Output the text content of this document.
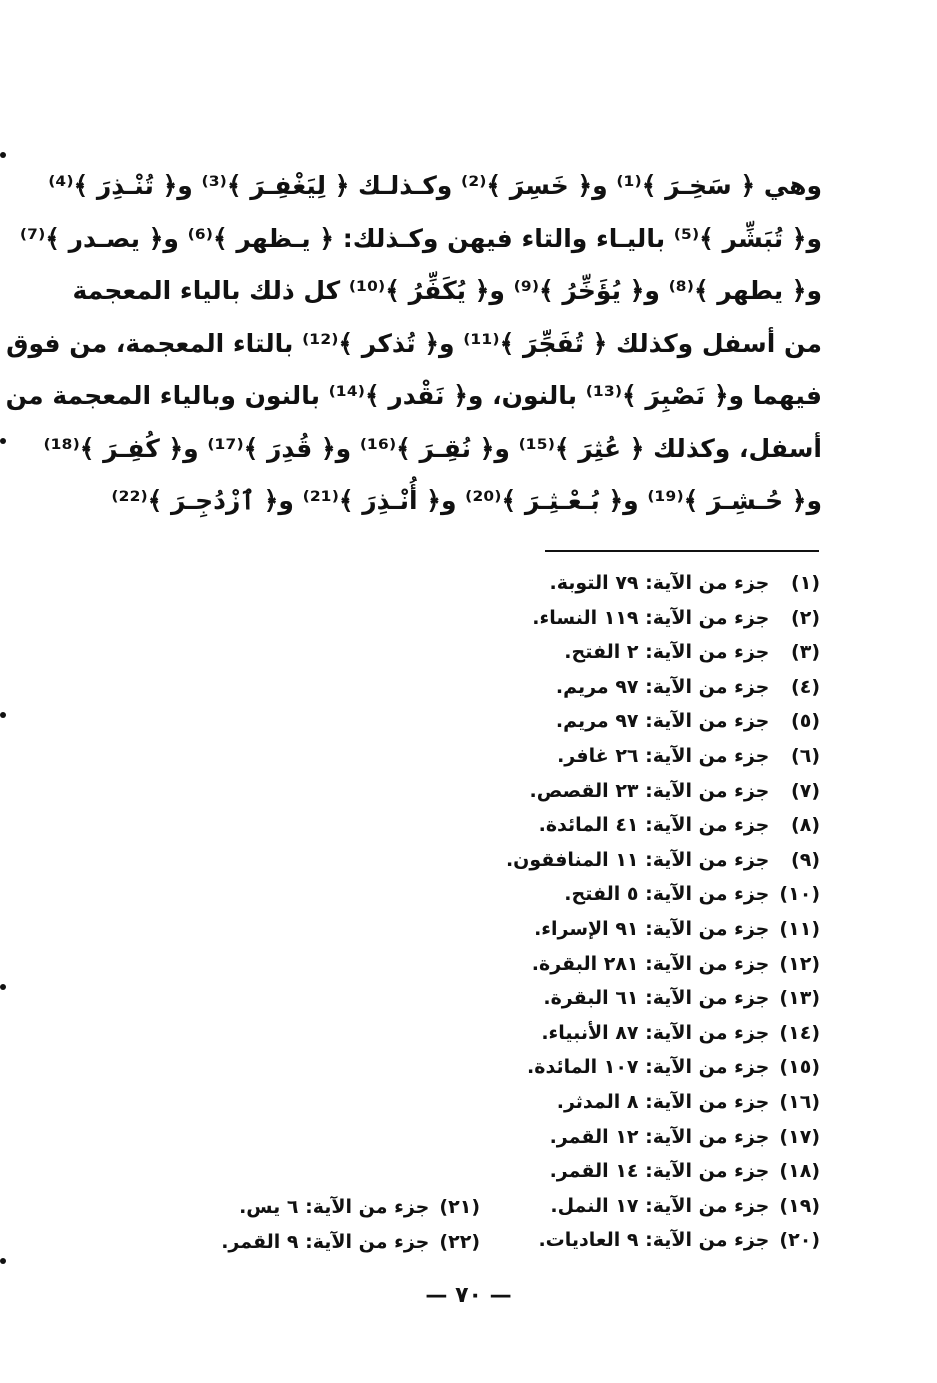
وهي ﴿ سَخِـرَ ﴾⁽¹⁾ و﴿ خَسِرَ ﴾⁽²⁾ وكـذلـك ﴿ لِيَغْفِـرَ ﴾⁽³⁾ و﴿ تُنْـذِرَ ﴾⁽⁴⁾
و﴿ تُبَشِّر ﴾⁽⁵⁾ باليـاء والتاء فيهن وكـذلك: ﴿ يـظهر ﴾⁽⁶⁾ و﴿ يصـدر ﴾⁽⁷⁾
و﴿ يطهر ﴾⁽⁸⁾ و﴿ يُؤَخِّرُ ﴾⁽⁹⁾ و﴿ يُكَفِّرُ ﴾⁽¹⁰⁾ كل ذلك بالياء المعجمة
من أسفل وكذلك ﴿ تُفَجِّرَ ﴾⁽¹¹⁾ و﴿ تُذكر ﴾⁽¹²⁾ بالتاء المعجمة، من فوق
فيهما و﴿ نَصْبِرَ ﴾⁽¹³⁾ بالنون، و﴿ نَقْدر ﴾⁽¹⁴⁾ بالنون وبالياء المعجمة من
أسفل، وكذلك ﴿ عُثِرَ ﴾⁽¹⁵⁾ و﴿ نُقِـرَ ﴾⁽¹⁶⁾ و﴿ قُدِرَ ﴾⁽¹⁷⁾ و﴿ كُفِـرَ ﴾⁽¹⁸⁾
و﴿ حُـشِـرَ ﴾⁽¹⁹⁾ و﴿ بُـعْـثِـرَ ﴾⁽²⁰⁾ و﴿ أُنْـذِرَ ﴾⁽²¹⁾ و﴿ ٱزْدُجِـرَ ﴾⁽²²⁾
(١) جزء من الآية: ٧٩ التوبة.
(٢) جزء من الآية: ١١٩ النساء.
(٣) جزء من الآية: ٢ الفتح.
(٤) جزء من الآية: ٩٧ مريم.
(٥) جزء من الآية: ٩٧ مريم.
(٦) جزء من الآية: ٢٦ غافر.
(٧) جزء من الآية: ٢٣ القصص.
(٨) جزء من الآية: ٤١ المائدة.
(٩) جزء من الآية: ١١ المنافقون.
(١٠) جزء من الآية: ٥ الفتح.
(١١) جزء من الآية: ٩١ الإسراء.
(١٢) جزء من الآية: ٢٨١ البقرة.
(١٣) جزء من الآية: ٦١ البقرة.
(١٤) جزء من الآية: ٨٧ الأنبياء.
(١٥) جزء من الآية: ١٠٧ المائدة.
(١٦) جزء من الآية: ٨ المدثر.
(١٧) جزء من الآية: ١٢ القمر.
(١٨) جزء من الآية: ١٤ القمر.
(١٩) جزء من الآية: ١٧ النمل.
(٢٠) جزء من الآية: ٩ العاديات.
(٢١) جزء من الآية: ٦ يس.
(٢٢) جزء من الآية: ٩ القمر.
— ٧٠ —
